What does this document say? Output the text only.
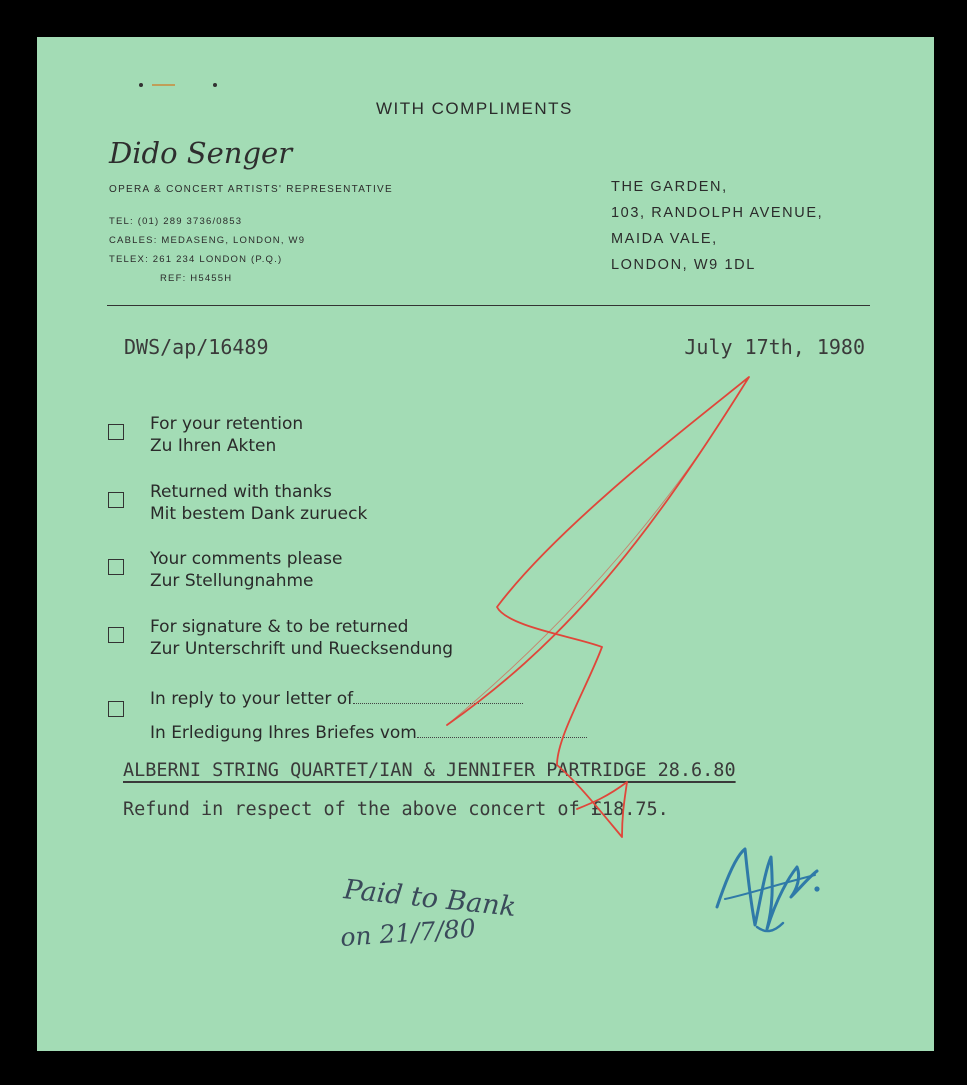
WITH COMPLIMENTS
Dido Senger
OPERA & CONCERT ARTISTS' REPRESENTATIVE
TEL: (01) 289 3736/0853
CABLES: MEDASENG, LONDON, W9
TELEX: 261 234 LONDON (P.Q.)
REF: H5455H
THE GARDEN,
103, RANDOLPH AVENUE,
MAIDA VALE,
LONDON, W9 1DL
DWS/ap/16489	July 17th, 1980
For your retention
Zu Ihren Akten
Returned with thanks
Mit bestem Dank zurueck
Your comments please
Zur Stellungnahme
For signature & to be returned
Zur Unterschrift und Ruecksendung
In reply to your letter of
In Erledigung Ihres Briefes vom
ALBERNI STRING QUARTET/IAN & JENNIFER PARTRIDGE 28.6.80
Refund in respect of the above concert of £18.75.
Paid to Bank
on 21/7/80
